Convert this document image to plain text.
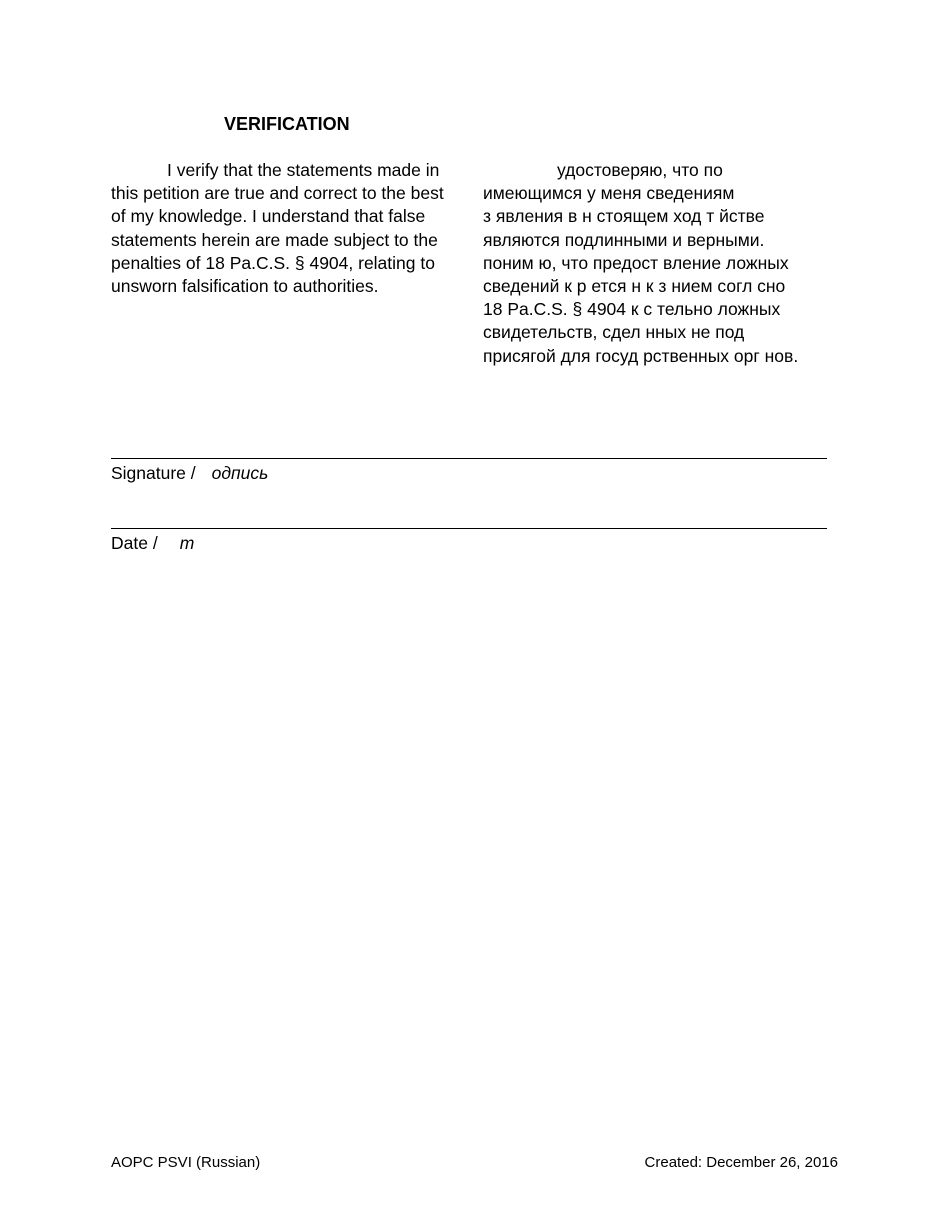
VERIFICATION
I verify that the statements made in
this petition are true and correct to the best
of my knowledge. I understand that false
statements herein are made subject to the
penalties of 18 Pa.C.S. § 4904, relating to
unsworn falsification to authorities.
удостоверяю, что по
имеющимся у меня сведениям
з явления в н стоящем ход т йстве
являются подлинными и верными.
поним ю, что предост вление ложных
сведений к р ется н к з нием согл сно
18 Pa.C.S. § 4904 к с тельно ложных
свидетельств, сдел нных не под
присягой для госуд рственных орг нов.
Signature / одпись
Date / т
AOPC PSVI (Russian)	Created: December 26, 2016
